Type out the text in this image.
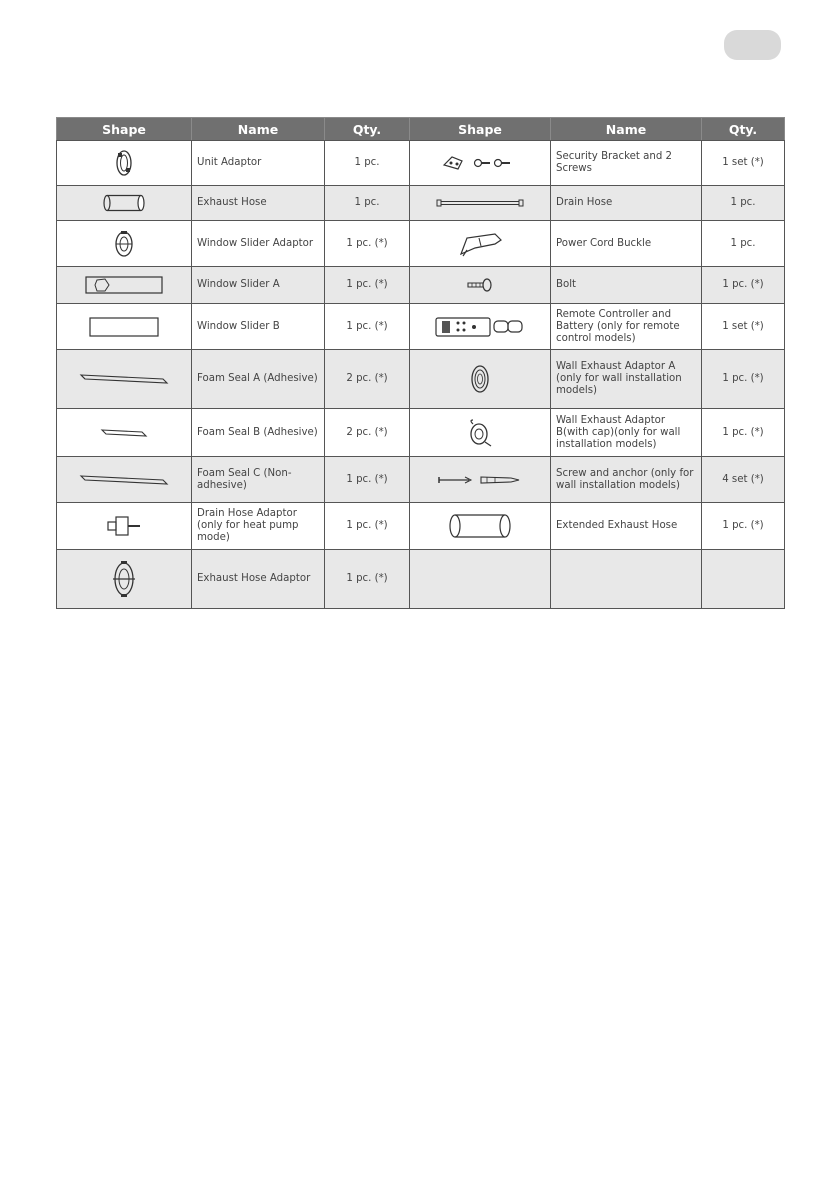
Shape	Name	Qty.	Shape	Name	Qty.

	Unit Adaptor	1 pc.		Security Bracket and 2 Screws	1 set (*)

	Exhaust Hose	1 pc.		Drain Hose	1 pc.

	Window Slider Adaptor	1 pc. (*)		Power Cord Buckle	1 pc.

	Window Slider A	1 pc. (*)		Bolt	1 pc. (*)

	Window Slider B	1 pc. (*)		Remote Controller and Battery (only for remote control models)	1 set (*)

	Foam Seal A (Adhesive)	2 pc. (*)		Wall Exhaust Adaptor A (only for wall installation models)	1 pc. (*)

	Foam Seal B (Adhesive)	2 pc. (*)		Wall Exhaust Adaptor B(with cap)(only for wall installation models)	1 pc. (*)

	Foam Seal C (Non-adhesive)	1 pc. (*)		Screw and anchor (only for wall installation models)	4 set (*)

	Drain Hose Adaptor (only for heat pump mode)	1 pc. (*)		Extended Exhaust Hose	1 pc. (*)

	Exhaust Hose Adaptor	1 pc. (*)			
